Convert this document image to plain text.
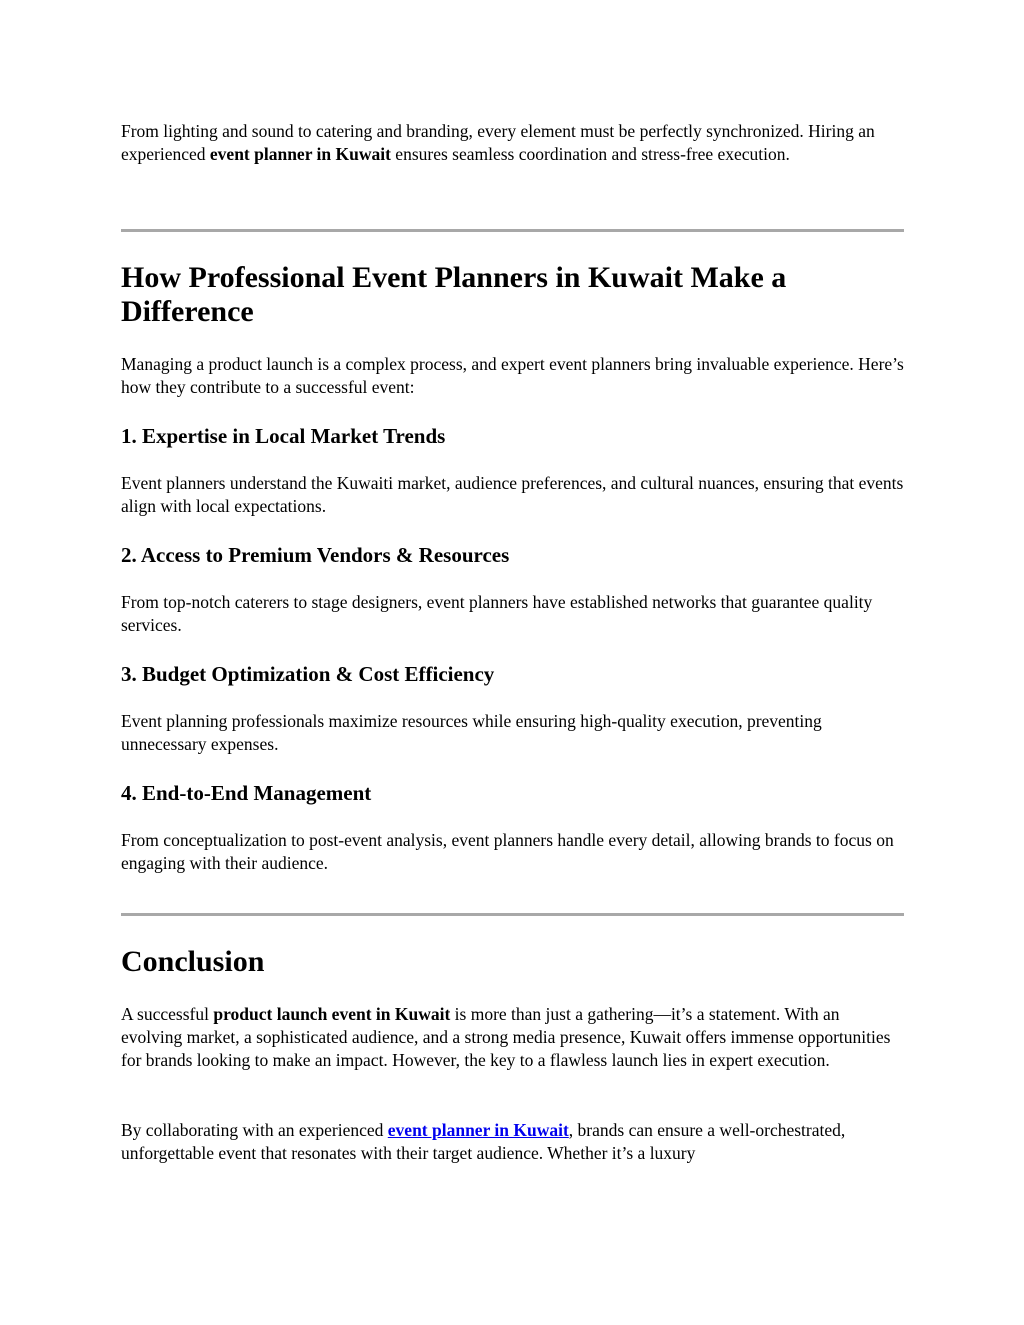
From lighting and sound to catering and branding, every element must be perfectly synchronized. Hiring an experienced event planner in Kuwait ensures seamless coordination and stress-free execution.

How Professional Event Planners in Kuwait Make a Difference

Managing a product launch is a complex process, and expert event planners bring invaluable experience. Here’s how they contribute to a successful event:

1. Expertise in Local Market Trends

Event planners understand the Kuwaiti market, audience preferences, and cultural nuances, ensuring that events align with local expectations.

2. Access to Premium Vendors & Resources

From top-notch caterers to stage designers, event planners have established networks that guarantee quality services.

3. Budget Optimization & Cost Efficiency

Event planning professionals maximize resources while ensuring high-quality execution, preventing unnecessary expenses.

4. End-to-End Management

From conceptualization to post-event analysis, event planners handle every detail, allowing brands to focus on engaging with their audience.

Conclusion

A successful product launch event in Kuwait is more than just a gathering—it’s a statement. With an evolving market, a sophisticated audience, and a strong media presence, Kuwait offers immense opportunities for brands looking to make an impact. However, the key to a flawless launch lies in expert execution.

By collaborating with an experienced event planner in Kuwait, brands can ensure a well-orchestrated, unforgettable event that resonates with their target audience. Whether it’s a luxury
